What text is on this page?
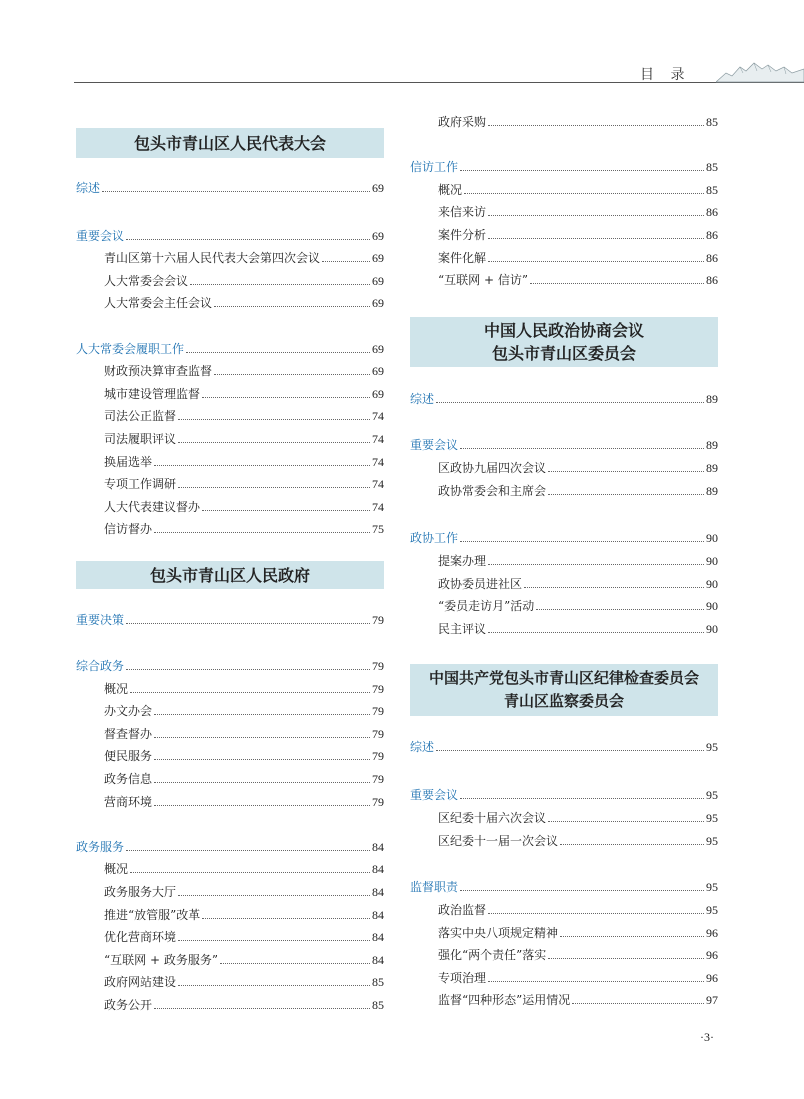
目 录
包头市青山区人民代表大会
综述	69
重要会议	69
青山区第十六届人民代表大会第四次会议	69
人大常委会会议	69
人大常委会主任会议	69
人大常委会履职工作	69
财政预决算审查监督	69
城市建设管理监督	69
司法公正监督	74
司法履职评议	74
换届选举	74
专项工作调研	74
人大代表建议督办	74
信访督办	75
包头市青山区人民政府
重要决策	79
综合政务	79
概况	79
办文办会	79
督查督办	79
便民服务	79
政务信息	79
营商环境	79
政务服务	84
概况	84
政务服务大厅	84
推进“放管服”改革	84
优化营商环境	84
“互联网 + 政务服务”	84
政府网站建设	85
政务公开	85
政府采购	85
信访工作	85
概况	85
来信来访	86
案件分析	86
案件化解	86
“互联网 + 信访”	86
中国人民政治协商会议
包头市青山区委员会
综述	89
重要会议	89
区政协九届四次会议	89
政协常委会和主席会	89
政协工作	90
提案办理	90
政协委员进社区	90
“委员走访月”活动	90
民主评议	90
中国共产党包头市青山区纪律检查委员会
青山区监察委员会
综述	95
重要会议	95
区纪委十届六次会议	95
区纪委十一届一次会议	95
监督职责	95
政治监督	95
落实中央八项规定精神	96
强化“两个责任”落实	96
专项治理	96
监督“四种形态”运用情况	97
·3·
